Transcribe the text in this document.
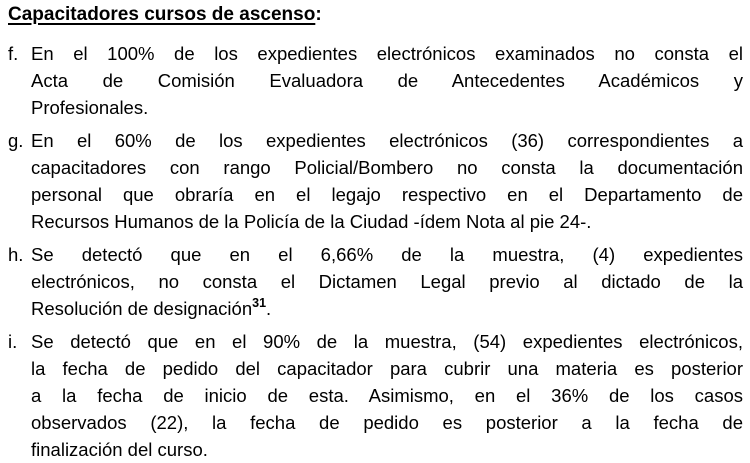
Capacitadores cursos de ascenso:
f. En el 100% de los expedientes electrónicos examinados no consta el
Acta de Comisión Evaluadora de Antecedentes Académicos y
Profesionales.
g. En el 60% de los expedientes electrónicos (36) correspondientes a
capacitadores con rango Policial/Bombero no consta la documentación
personal que obraría en el legajo respectivo en el Departamento de
Recursos Humanos de la Policía de la Ciudad -ídem Nota al pie 24-.
h. Se detectó que en el 6,66% de la muestra, (4) expedientes
electrónicos, no consta el Dictamen Legal previo al dictado de la
Resolución de designación$^{31}$.
i. Se detectó que en el 90% de la muestra, (54) expedientes electrónicos,
la fecha de pedido del capacitador para cubrir una materia es posterior
a la fecha de inicio de esta. Asimismo, en el 36% de los casos
observados (22), la fecha de pedido es posterior a la fecha de
finalización del curso.
